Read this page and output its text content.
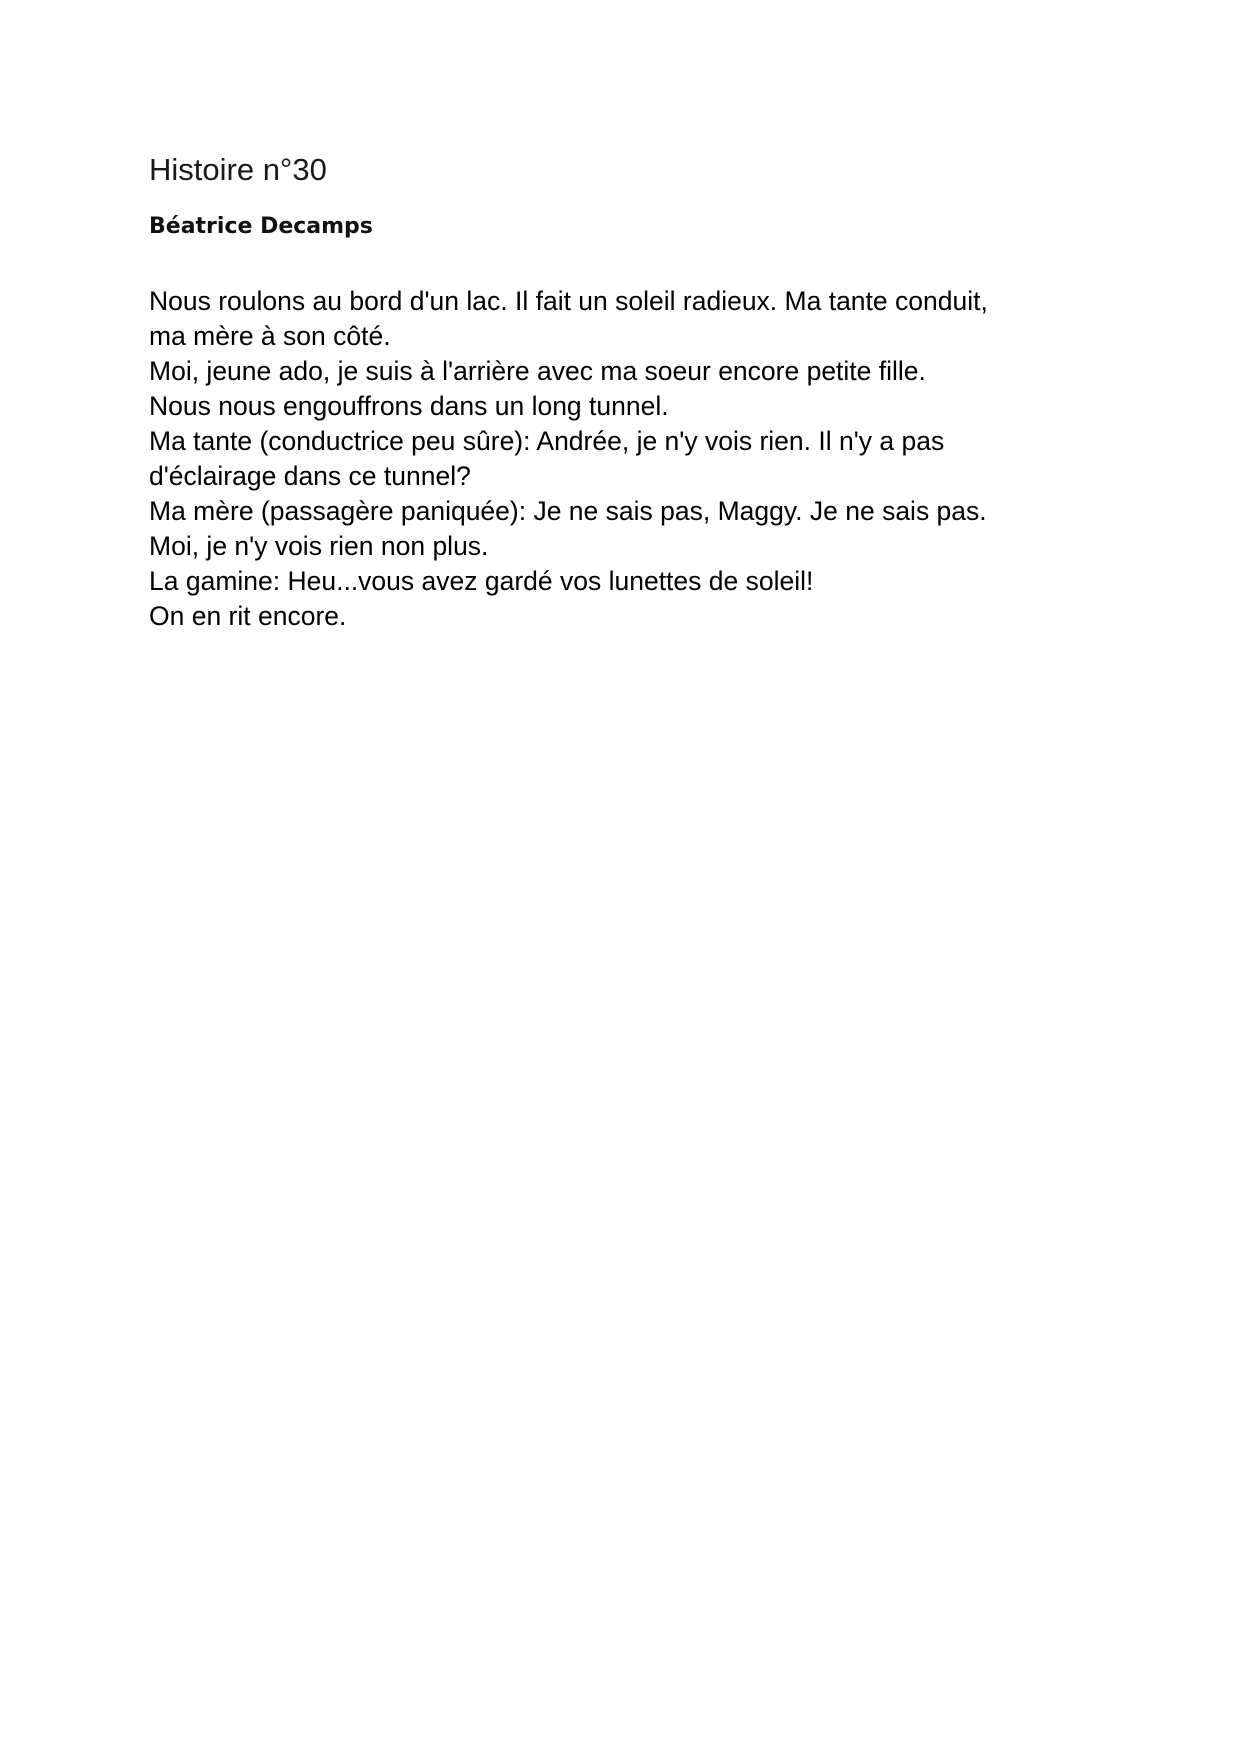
Histoire n°30
Béatrice Decamps
Nous roulons au bord d'un lac. Il fait un soleil radieux. Ma tante conduit,
ma mère à son côté.
Moi, jeune ado, je suis à l'arrière avec ma soeur encore petite fille.
Nous nous engouffrons dans un long tunnel.
Ma tante (conductrice peu sûre): Andrée, je n'y vois rien. Il n'y a pas
d'éclairage dans ce tunnel?
Ma mère (passagère paniquée): Je ne sais pas, Maggy. Je ne sais pas.
Moi, je n'y vois rien non plus.
La gamine: Heu...vous avez gardé vos lunettes de soleil!
On en rit encore.
